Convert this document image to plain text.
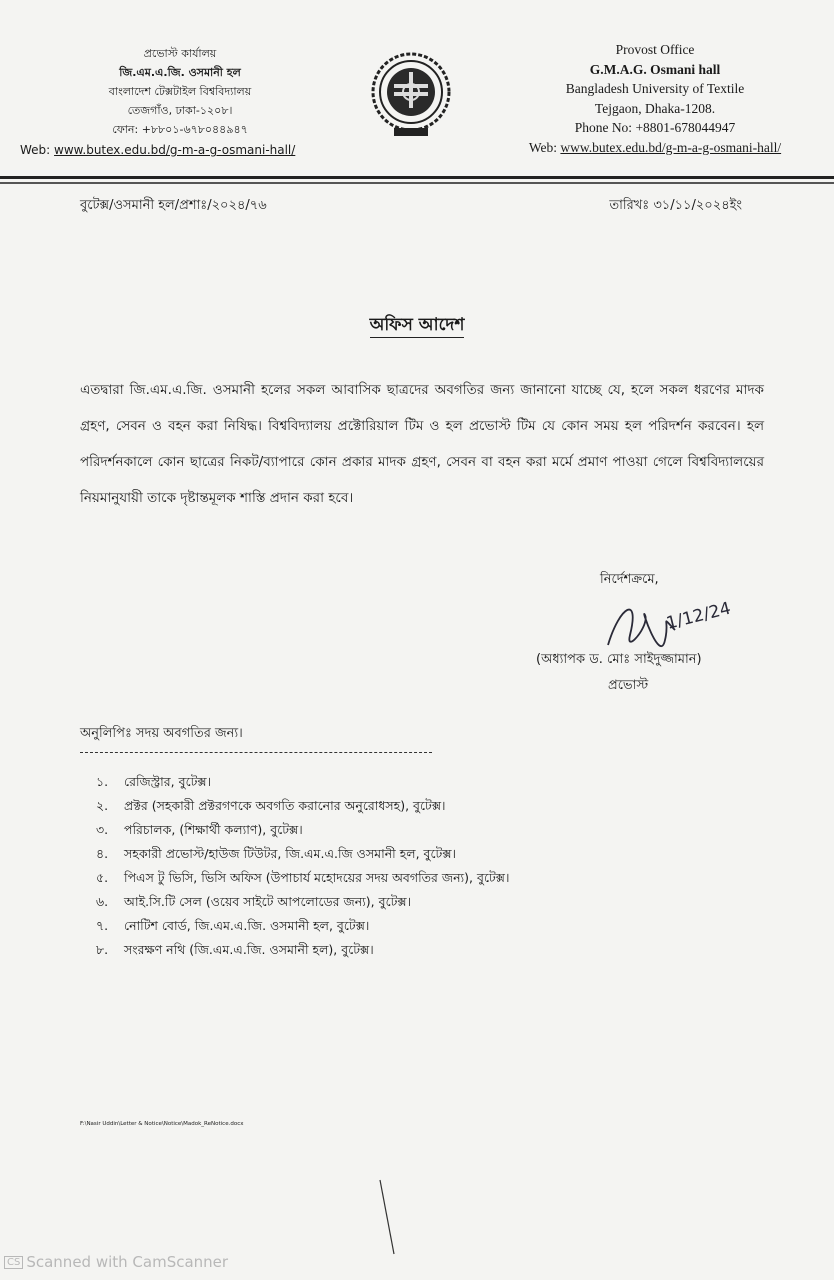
প্রভোস্ট কার্যালয়
জি.এম.এ.জি. ওসমানী হল
বাংলাদেশ টেক্সটাইল বিশ্ববিদ্যালয়
তেজগাঁও, ঢাকা-১২০৮।
ফোন: +৮৮০১-৬৭৮০৪৪৯৪৭
Web: www.butex.edu.bd/g-m-a-g-osmani-hall/
Provost Office
G.M.A.G. Osmani hall
Bangladesh University of Textile
Tejgaon, Dhaka-1208.
Phone No: +8801-678044947
Web: www.butex.edu.bd/g-m-a-g-osmani-hall/
বুটেক্স/ওসমানী হল/প্রশাঃ/২০২৪/৭৬	তারিখঃ ৩১/১১/২০২৪ইং
অফিস আদেশ
এতদ্বারা জি.এম.এ.জি. ওসমানী হলের সকল আবাসিক ছাত্রদের অবগতির জন্য জানানো যাচ্ছে যে, হলে সকল ধরণের মাদক গ্রহণ, সেবন ও বহন করা নিষিদ্ধ। বিশ্ববিদ্যালয় প্রক্টোরিয়াল টিম ও হল প্রভোস্ট টিম যে কোন সময় হল পরিদর্শন করবেন। হল পরিদর্শনকালে কোন ছাত্রের নিকট/ব্যাপারে কোন প্রকার মাদক গ্রহণ, সেবন বা বহন করা মর্মে প্রমাণ পাওয়া গেলে বিশ্ববিদ্যালয়ের নিয়মানুযায়ী তাকে দৃষ্টান্তমূলক শাস্তি প্রদান করা হবে।
নির্দেশক্রমে,
1/12/24
(অধ্যাপক ড. মোঃ সাইদুজ্জামান)
প্রভোস্ট
অনুলিপিঃ সদয় অবগতির জন্য।
১. রেজিস্ট্রার, বুটেক্স।
২. প্রক্টর (সহকারী প্রক্টরগণকে অবগতি করানোর অনুরোধসহ), বুটেক্স।
৩. পরিচালক, (শিক্ষার্থী কল্যাণ), বুটেক্স।
৪. সহকারী প্রভোস্ট/হাউজ টিউটর, জি.এম.এ.জি ওসমানী হল, বুটেক্স।
৫. পিএস টু ভিসি, ভিসি অফিস (উপাচার্য মহোদয়ের সদয় অবগতির জন্য), বুটেক্স।
৬. আই.সি.টি সেল (ওয়েব সাইটে আপলোডের জন্য), বুটেক্স।
৭. নোটিশ বোর্ড, জি.এম.এ.জি. ওসমানী হল, বুটেক্স।
৮. সংরক্ষণ নথি (জি.এম.এ.জি. ওসমানী হল), বুটেক্স।
F:\Nasir Uddin\Letter & Notice\Notice\Madok_ReNotice.docx
CS Scanned with CamScanner
